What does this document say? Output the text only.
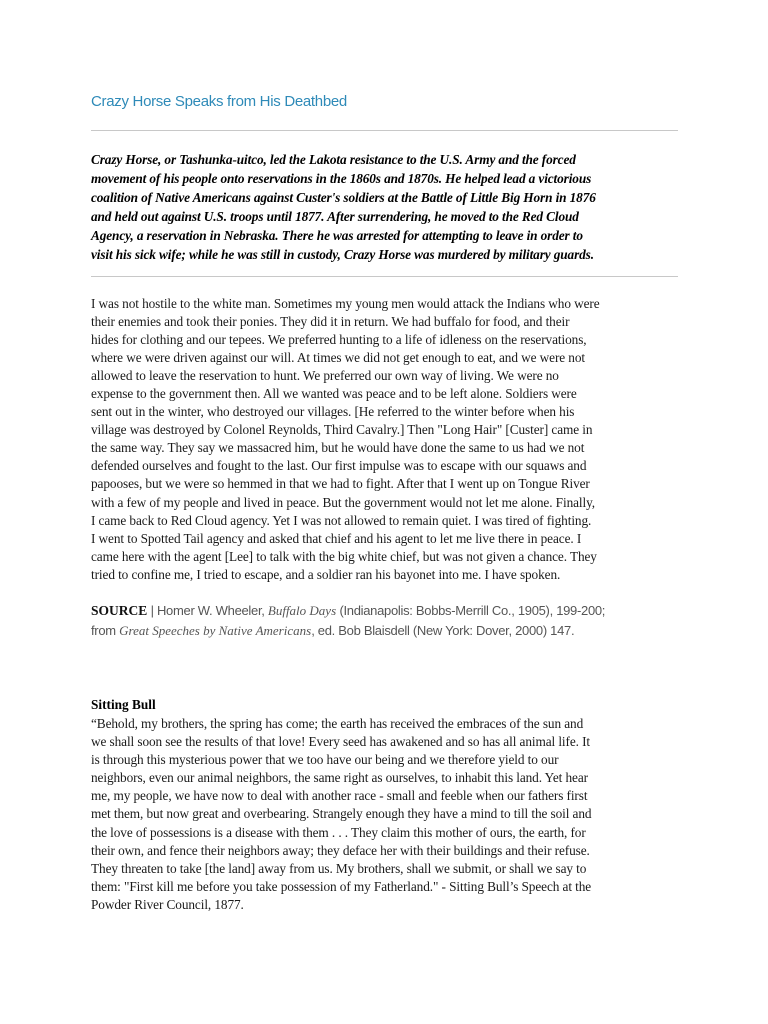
Crazy Horse Speaks from His Deathbed
Crazy Horse, or Tashunka-uitco, led the Lakota resistance to the U.S. Army and the forced
movement of his people onto reservations in the 1860s and 1870s. He helped lead a victorious
coalition of Native Americans against Custer's soldiers at the Battle of Little Big Horn in 1876
and held out against U.S. troops until 1877. After surrendering, he moved to the Red Cloud
Agency, a reservation in Nebraska. There he was arrested for attempting to leave in order to
visit his sick wife; while he was still in custody, Crazy Horse was murdered by military guards.
I was not hostile to the white man. Sometimes my young men would attack the Indians who were
their enemies and took their ponies. They did it in return. We had buffalo for food, and their
hides for clothing and our tepees. We preferred hunting to a life of idleness on the reservations,
where we were driven against our will. At times we did not get enough to eat, and we were not
allowed to leave the reservation to hunt. We preferred our own way of living. We were no
expense to the government then. All we wanted was peace and to be left alone. Soldiers were
sent out in the winter, who destroyed our villages. [He referred to the winter before when his
village was destroyed by Colonel Reynolds, Third Cavalry.] Then "Long Hair" [Custer] came in
the same way. They say we massacred him, but he would have done the same to us had we not
defended ourselves and fought to the last. Our first impulse was to escape with our squaws and
papooses, but we were so hemmed in that we had to fight. After that I went up on Tongue River
with a few of my people and lived in peace. But the government would not let me alone. Finally,
I came back to Red Cloud agency. Yet I was not allowed to remain quiet. I was tired of fighting.
I went to Spotted Tail agency and asked that chief and his agent to let me live there in peace. I
came here with the agent [Lee] to talk with the big white chief, but was not given a chance. They
tried to confine me, I tried to escape, and a soldier ran his bayonet into me. I have spoken.
SOURCE | Homer W. Wheeler, Buffalo Days (Indianapolis: Bobbs-Merrill Co., 1905), 199-200;
from Great Speeches by Native Americans, ed. Bob Blaisdell (New York: Dover, 2000) 147.
Sitting Bull
“Behold, my brothers, the spring has come; the earth has received the embraces of the sun and
we shall soon see the results of that love! Every seed has awakened and so has all animal life. It
is through this mysterious power that we too have our being and we therefore yield to our
neighbors, even our animal neighbors, the same right as ourselves, to inhabit this land. Yet hear
me, my people, we have now to deal with another race - small and feeble when our fathers first
met them, but now great and overbearing. Strangely enough they have a mind to till the soil and
the love of possessions is a disease with them . . . They claim this mother of ours, the earth, for
their own, and fence their neighbors away; they deface her with their buildings and their refuse.
They threaten to take [the land] away from us. My brothers, shall we submit, or shall we say to
them: "First kill me before you take possession of my Fatherland." - Sitting Bull’s Speech at the
Powder River Council, 1877.
